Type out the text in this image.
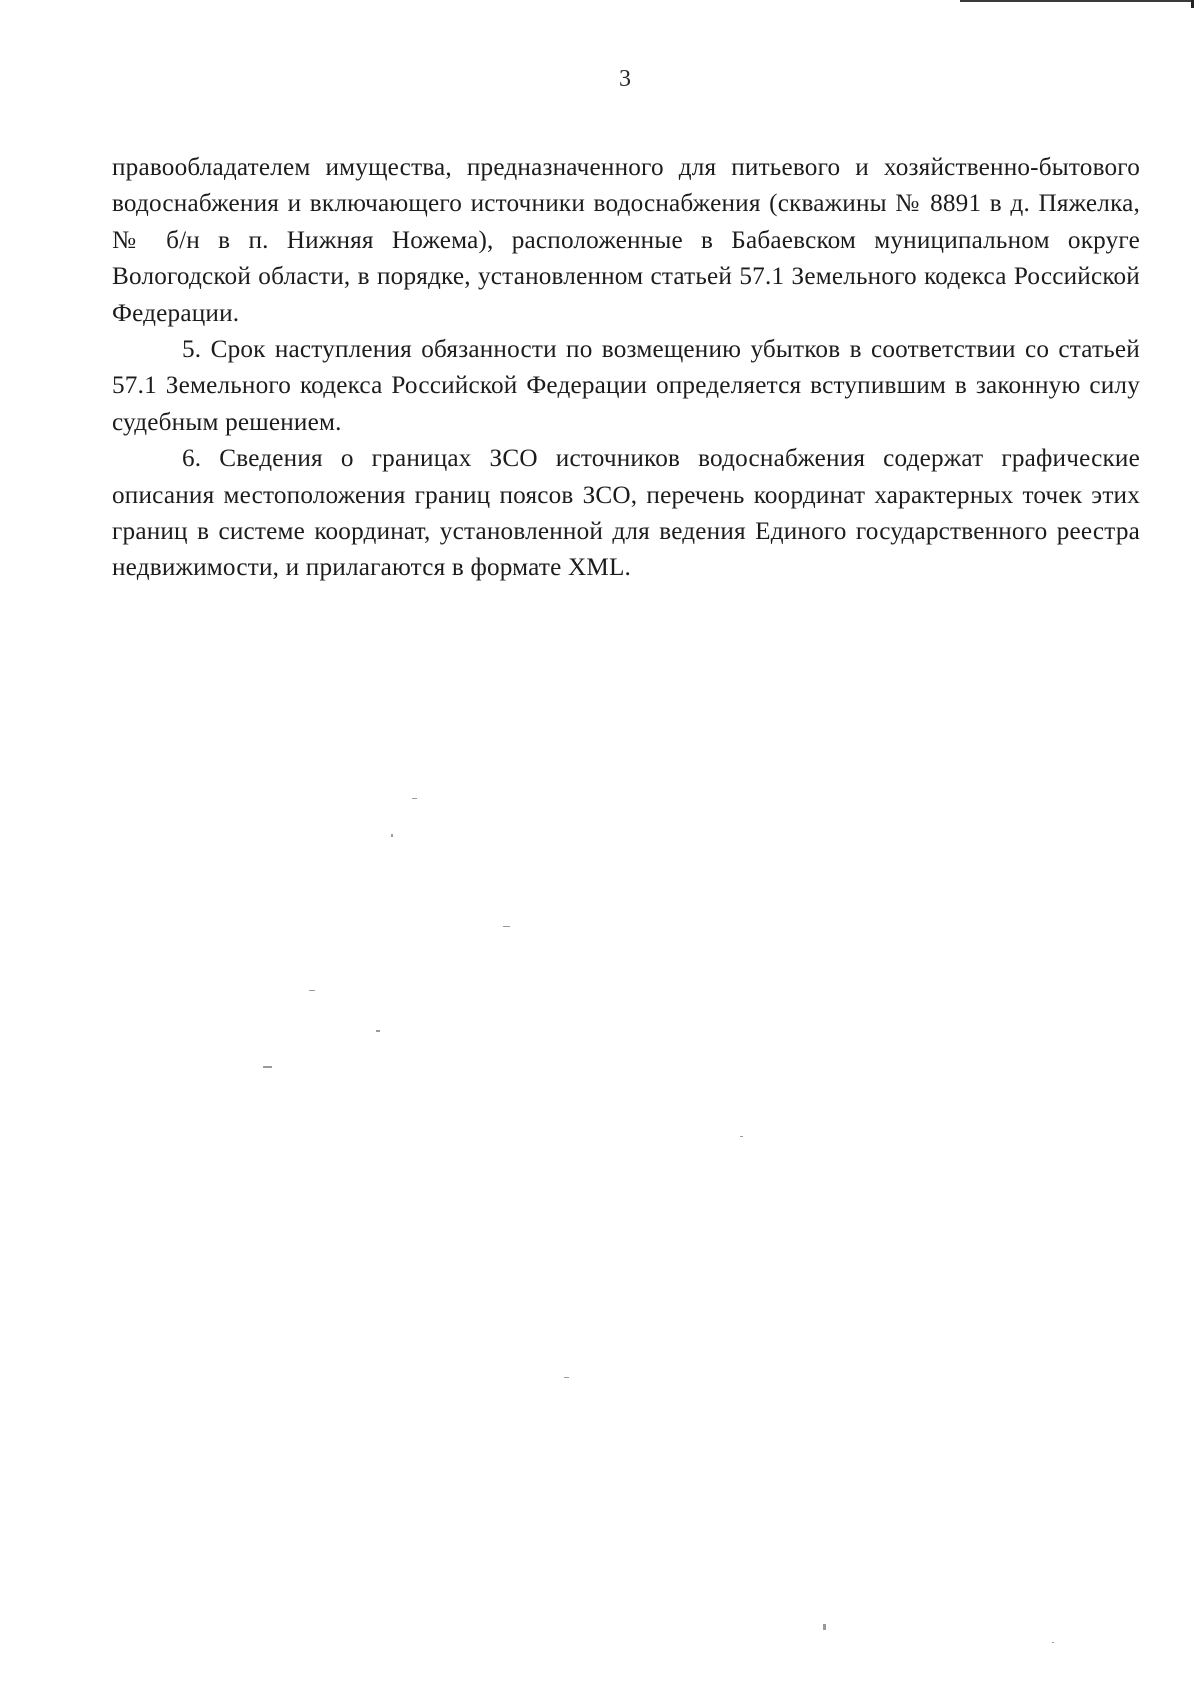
3

правообладателем имущества, предназначенного для питьевого и хозяйственно-бытового водоснабжения и включающего источники водоснабжения (скважины № 8891 в д. Пяжелка, № б/н в п. Нижняя Ножема), расположенные в Бабаевском муниципальном округе Вологодской области, в порядке, установленном статьей 57.1 Земельного кодекса Российской Федерации.

5. Срок наступления обязанности по возмещению убытков в соответствии со статьей 57.1 Земельного кодекса Российской Федерации определяется вступившим в законную силу судебным решением.

6. Сведения о границах ЗСО источников водоснабжения содержат графические описания местоположения границ поясов ЗСО, перечень координат характерных точек этих границ в системе координат, установленной для ведения Единого государственного реестра недвижимости, и прилагаются в формате XML.
